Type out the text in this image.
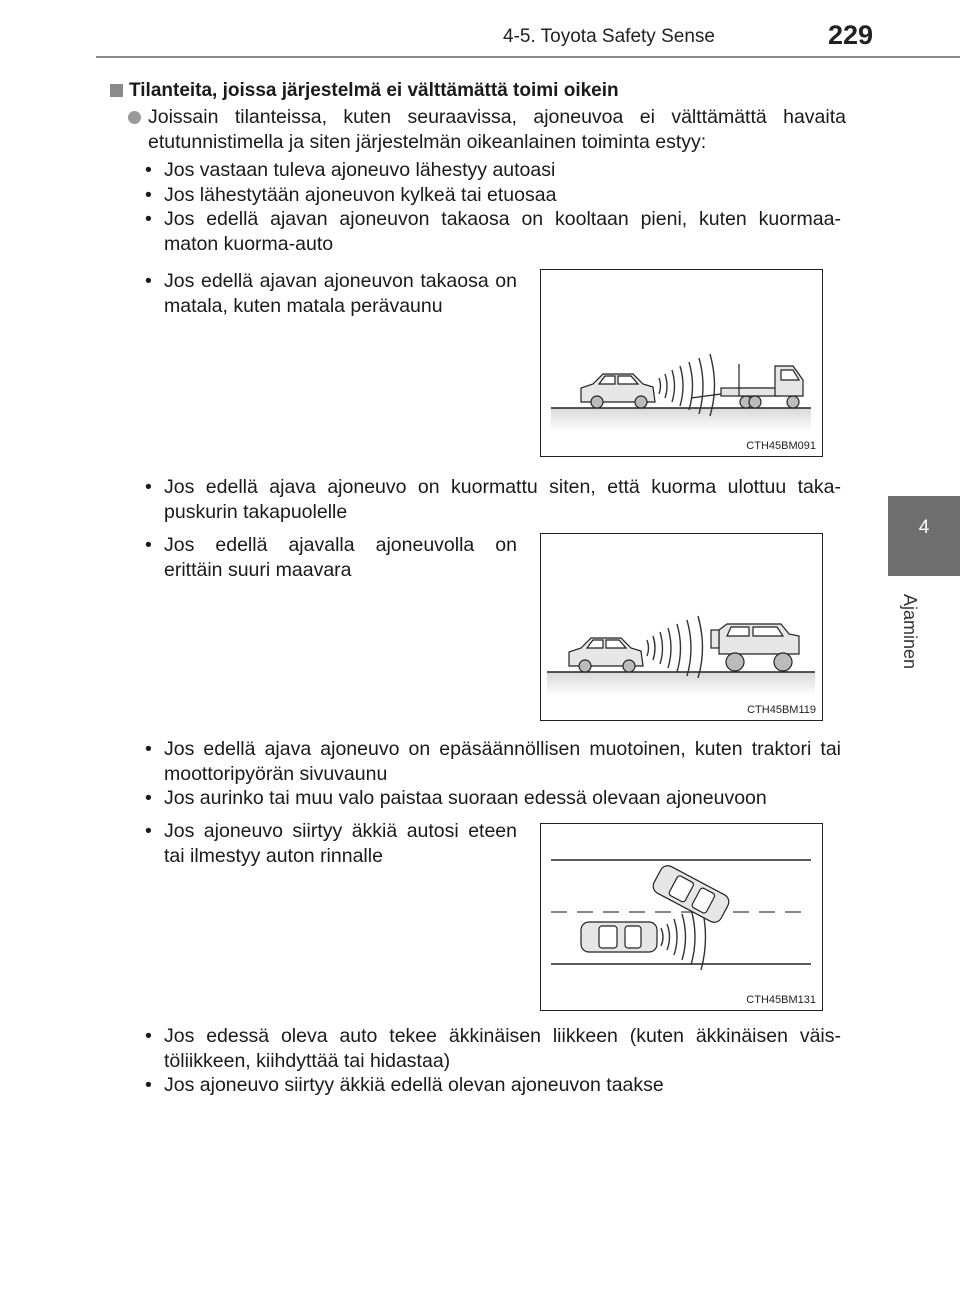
4-5. Toyota Safety Sense	229
4
Ajaminen
Tilanteita, joissa järjestelmä ei välttämättä toimi oikein

Joissain tilanteissa, kuten seuraavissa, ajoneuvoa ei välttämättä havaita etutunnistimella ja siten järjestelmän oikeanlainen toiminta estyy:

• Jos vastaan tuleva ajoneuvo lähestyy autoasi
• Jos lähestytään ajoneuvon kylkeä tai etuosaa
• Jos edellä ajavan ajoneuvon takaosa on kooltaan pieni, kuten kuormaa- maton kuorma-auto
• Jos edellä ajavan ajoneuvon takaosa on matala, kuten matala perävaunu
• Jos edellä ajava ajoneuvo on kuormattu siten, että kuorma ulottuu taka- puskurin takapuolelle
• Jos edellä ajavalla ajoneuvolla on erittäin suuri maavara
• Jos edellä ajava ajoneuvo on epäsäännöllisen muotoinen, kuten traktori tai moottoripyörän sivuvaunu
• Jos aurinko tai muu valo paistaa suoraan edessä olevaan ajoneuvoon
• Jos ajoneuvo siirtyy äkkiä autosi eteen tai ilmestyy auton rinnalle
• Jos edessä oleva auto tekee äkkinäisen liikkeen (kuten äkkinäisen väis- töliikkeen, kiihdyttää tai hidastaa)
• Jos ajoneuvo siirtyy äkkiä edellä olevan ajoneuvon taakse
CTH45BM091
CTH45BM119
CTH45BM131
